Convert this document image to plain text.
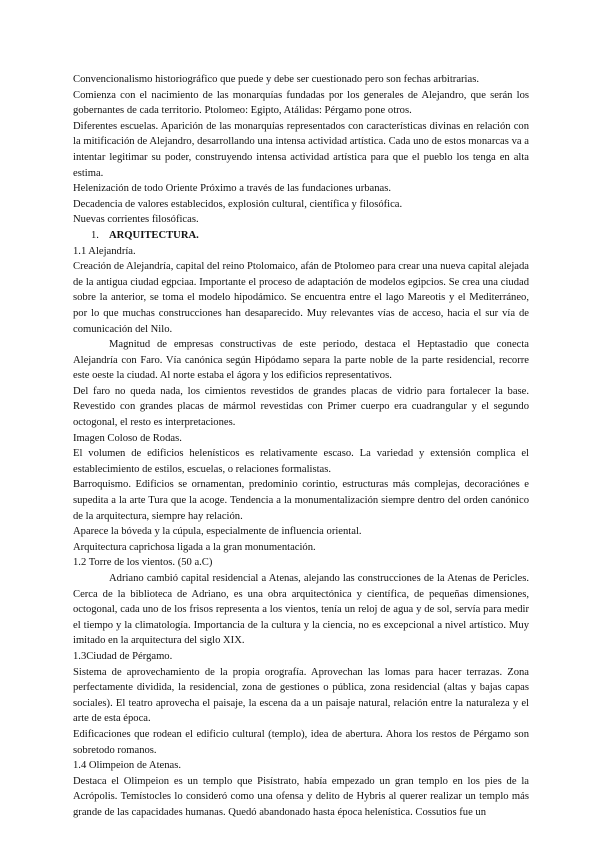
Convencionalismo historiográfico que puede y debe ser cuestionado pero son fechas arbitrarias.

Comienza con el nacimiento de las monarquías fundadas por los generales de Alejandro, que serán los gobernantes de cada territorio. Ptolomeo: Egipto, Atálidas: Pérgamo pone otros.

Diferentes escuelas. Aparición de las monarquías representados con características divinas en relación con la mitificación de Alejandro, desarrollando una intensa actividad artística. Cada uno de estos monarcas va a intentar legitimar su poder, construyendo intensa actividad artística para que el pueblo los tenga en alta estima.

Helenización de todo Oriente Próximo a través de las fundaciones urbanas.

Decadencia de valores establecidos, explosión cultural, científica y filosófica.

Nuevas corrientes filosóficas.

1. ARQUITECTURA.

1.1 Alejandría.

Creación de Alejandría, capital del reino Ptolomaico, afán de Ptolomeo para crear una nueva capital alejada de la antigua ciudad egpciaa. Importante el proceso de adaptación de modelos egipcios. Se crea una ciudad sobre la anterior, se toma el modelo hipodámico. Se encuentra entre el lago Mareotis y el Mediterráneo, por lo que muchas construcciones han desaparecido. Muy relevantes vías de acceso, hacia el sur vía de comunicación del Nilo.

Magnitud de empresas constructivas de este periodo, destaca el Heptastadio que conecta Alejandría con Faro. Vía canónica según Hipódamo separa la parte noble de la parte residencial, recorre este oeste la ciudad. Al norte estaba el ágora y los edificios representativos.

Del faro no queda nada, los cimientos revestidos de grandes placas de vidrio para fortalecer la base. Revestido con grandes placas de mármol revestidas con Primer cuerpo era cuadrangular y el segundo octogonal, el resto es interpretaciones.

Imagen Coloso de Rodas.

El volumen de edificios helenísticos es relativamente escaso. La variedad y extensión complica el establecimiento de estilos, escuelas, o relaciones formalistas.

Barroquismo. Edificios se ornamentan, predominio corintio, estructuras más complejas, decoraciónes e supedita a la arte Tura que la acoge. Tendencia a la monumentalización siempre dentro del orden canónico de la arquitectura, siempre hay relación.

Aparece la bóveda y la cúpula, especialmente de influencia oriental.

Arquitectura caprichosa ligada a la gran monumentación.

1.2 Torre de los vientos. (50 a.C)

Adriano cambió capital residencial a Atenas, alejando las construcciones de la Atenas de Pericles. Cerca de la biblioteca de Adriano, es una obra arquitectónica y científica, de pequeñas dimensiones, octogonal, cada uno de los frisos representa a los vientos, tenía un reloj de agua y de sol, servía para medir el tiempo y la climatología. Importancia de la cultura y la ciencia, no es excepcional a nivel artístico. Muy imitado en la arquitectura del siglo XIX.

1.3Ciudad de Pérgamo.

Sistema de aprovechamiento de la propia orografía. Aprovechan las lomas para hacer terrazas. Zona perfectamente dividida, la residencial, zona de gestiones o pública, zona residencial (altas y bajas capas sociales). El teatro aprovecha el paisaje, la escena da a un paisaje natural, relación entre la naturaleza y el arte de esta época.

Edificaciones que rodean el edificio cultural (templo), idea de abertura. Ahora los restos de Pérgamo son sobretodo romanos.

1.4 Olimpeion de Atenas.

Destaca el Olimpeion es un templo que Pisístrato, había empezado un gran templo en los pies de la Acrópolis. Temístocles lo consideró como una ofensa y delito de Hybris al querer realizar un templo más grande de las capacidades humanas. Quedó abandonado hasta época helenística. Cossutios fue un
